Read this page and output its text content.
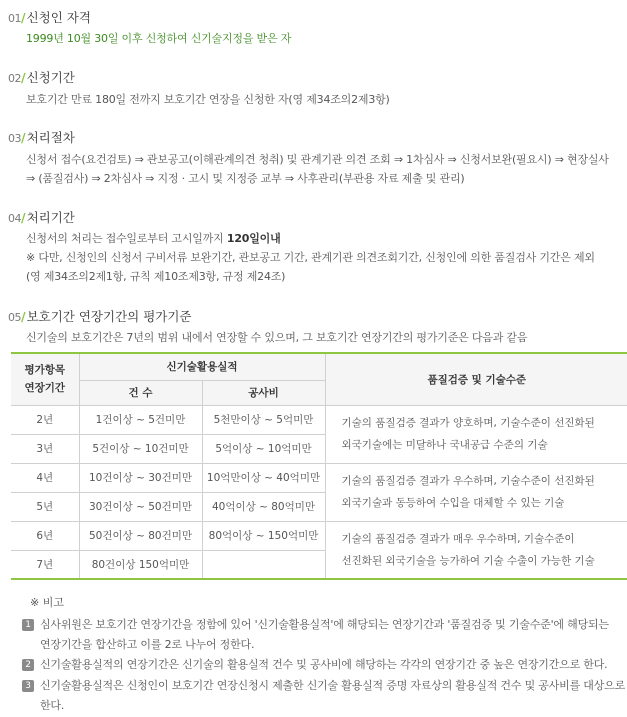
01/신청인 자격
1999년 10월 30일 이후 신청하여 신기술지정을 받은 자
02/신청기간
보호기간 만료 180일 전까지 보호기간 연장을 신청한 자(영 제34조의2제3항)
03/처리절차
신청서 접수(요건검토) ⇒ 관보공고(이해관계의견 청취) 및 관계기관 의견 조회 ⇒ 1차심사 ⇒ 신청서보완(필요시) ⇒ 현장실사
⇒ (품질검사) ⇒ 2차심사 ⇒ 지정 · 고시 및 지정증 교부 ⇒ 사후관리(부관용 자료 제출 및 관리)
04/처리기간
신청서의 처리는 접수일로부터 고시일까지 120일이내
※ 다만, 신청인의 신청서 구비서류 보완기간, 관보공고 기간, 관계기관 의견조회기간, 신청인에 의한 품질검사 기간은 제외
(영 제34조의2제1항, 규칙 제10조제3항, 규정 제24조)
05/보호기간 연장기간의 평가기준
신기술의 보호기간은 7년의 범위 내에서 연장할 수 있으며, 그 보호기간 연장기간의 평가기준은 다음과 같음
평가항목
연장기간	신기술활용실적		품질검증 및 기술수준
	건 수	공사비	
2년	1건이상 ~ 5건미만	5천만이상 ~ 5억미만	기술의 품질검증 결과가 양호하며, 기술수준이 선진화된
외국기술에는 미달하나 국내공급 수준의 기술

3년	5건이상 ~ 10건미만	5억이상 ~ 10억미만	
4년	10건이상 ~ 30건미만	10억만이상 ~ 40억미만	기술의 품질검증 결과가 우수하며, 기술수준이 선진화된
외국기술과 동등하여 수입을 대체할 수 있는 기술

5년	30건이상 ~ 50건미만	40억이상 ~ 80억미만	
6년	50건이상 ~ 80건미만	80억이상 ~ 150억미만	기술의 품질검증 결과가 매우 우수하며, 기술수준이
선진화된 외국기술을 능가하여 기술 수출이 가능한 기술

7년	80건이상 150억미만		
※ 비고
1 심사위원은 보호기간 연장기간을 정함에 있어 '신기술활용실적'에 해당되는 연장기간과 '품질검증 및 기술수준'에 해당되는
연장기간을 합산하고 이를 2로 나누어 정한다.
2 신기술활용실적의 연장기간은 신기술의 활용실적 건수 및 공사비에 해당하는 각각의 연장기간 중 높은 연장기간으로 한다.
3 신기술활용실적은 신청인이 보호기간 연장신청시 제출한 신기술 활용실적 증명 자료상의 활용실적 건수 및 공사비를 대상으로
한다.
